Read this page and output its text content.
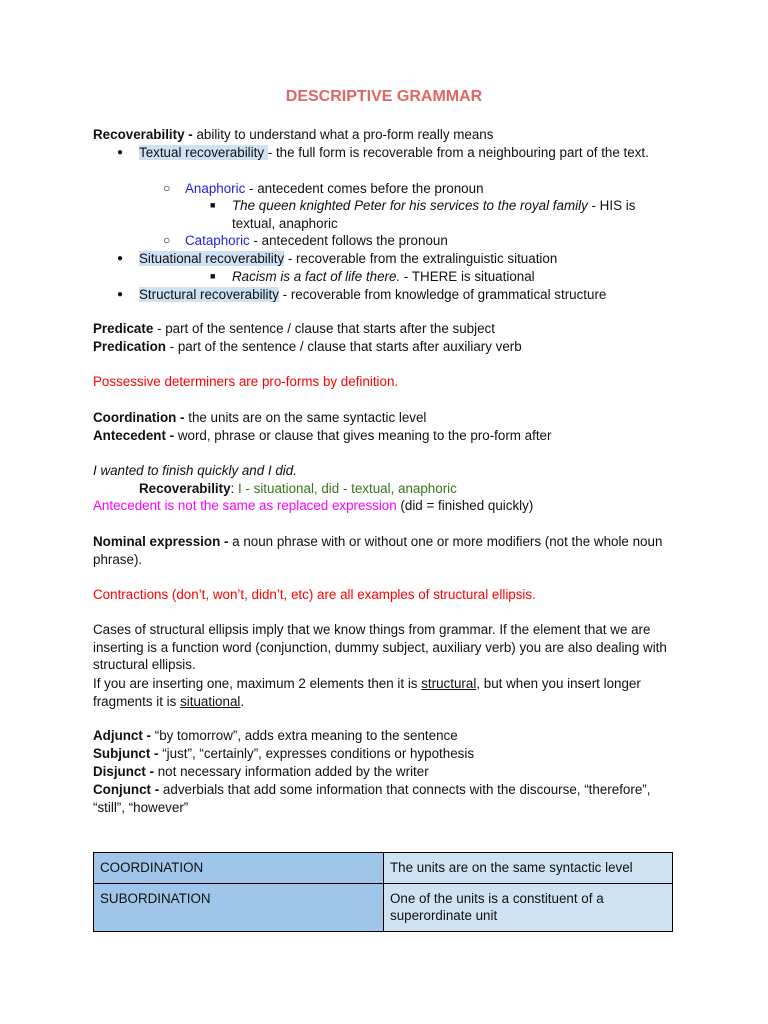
DESCRIPTIVE GRAMMAR
Recoverability - ability to understand what a pro-form really means
● Textual recoverability - the full form is recoverable from a neighbouring part of the text.
○ Anaphoric - antecedent comes before the pronoun
■ The queen knighted Peter for his services to the royal family - HIS is textual, anaphoric
○ Cataphoric - antecedent follows the pronoun
● Situational recoverability - recoverable from the extralinguistic situation
■ Racism is a fact of life there. - THERE is situational
● Structural recoverability - recoverable from knowledge of grammatical structure
Predicate - part of the sentence / clause that starts after the subject
Predication - part of the sentence / clause that starts after auxiliary verb
Possessive determiners are pro-forms by definition.
Coordination - the units are on the same syntactic level
Antecedent - word, phrase or clause that gives meaning to the pro-form after
I wanted to finish quickly and I did.
Recoverability: I - situational, did - textual, anaphoric
Antecedent is not the same as replaced expression (did = finished quickly)
Nominal expression - a noun phrase with or without one or more modifiers (not the whole noun phrase).
Contractions (don’t, won’t, didn’t, etc) are all examples of structural ellipsis.
Cases of structural ellipsis imply that we know things from grammar. If the element that we are inserting is a function word (conjunction, dummy subject, auxiliary verb) you are also dealing with structural ellipsis.
If you are inserting one, maximum 2 elements then it is structural, but when you insert longer fragments it is situational.
Adjunct - “by tomorrow”, adds extra meaning to the sentence
Subjunct - “just”, “certainly”, expresses conditions or hypothesis
Disjunct - not necessary information added by the writer
Conjunct - adverbials that add some information that connects with the discourse, “therefore”, “still”, “however”
COORDINATION	The units are on the same syntactic level
SUBORDINATION	One of the units is a constituent of a superordinate unit
